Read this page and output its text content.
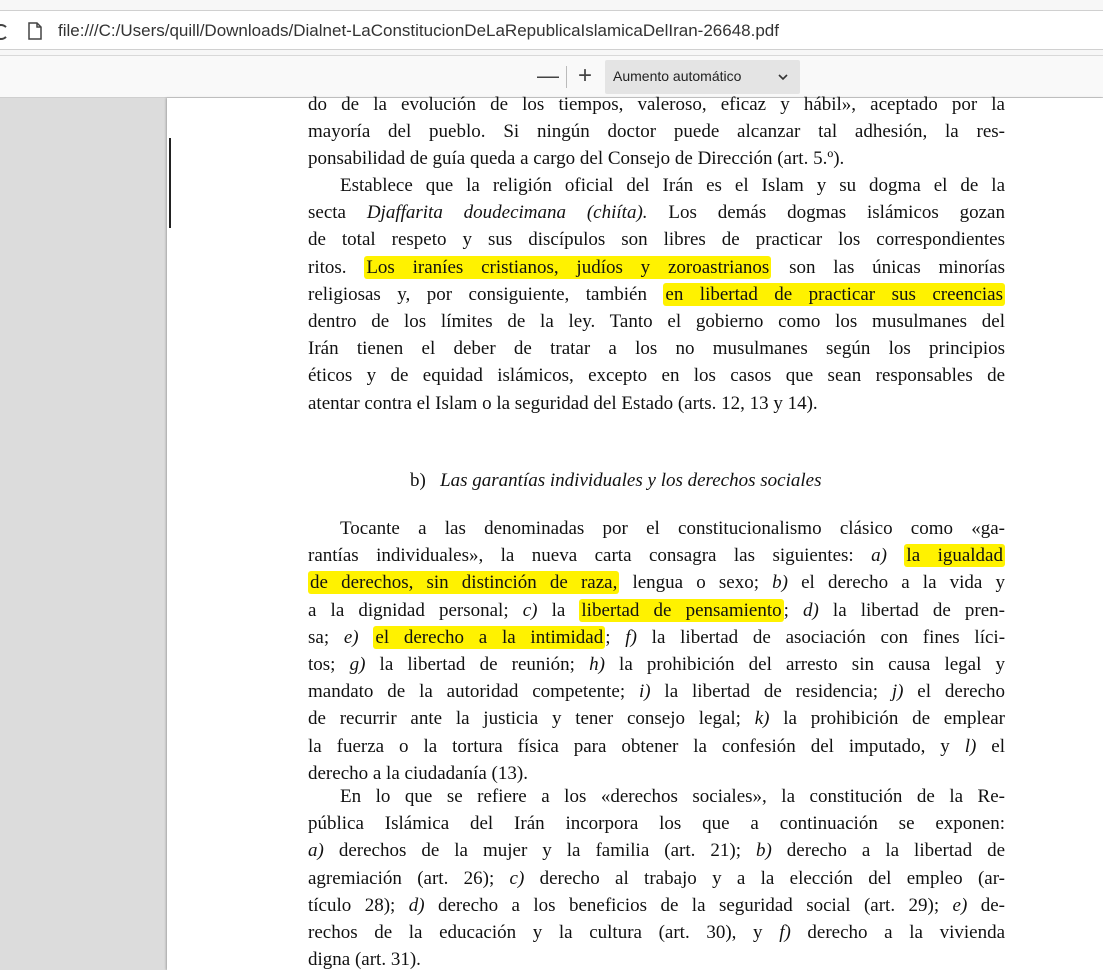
file:///C:/Users/quill/Downloads/Dialnet-LaConstitucionDeLaRepublicaIslamicaDelIran-26648.pdf
— +	Aumento automático
do de la evolución de los tiempos, valeroso, eficaz y hábil», aceptado por la
mayoría del pueblo. Si ningún doctor puede alcanzar tal adhesión, la res-
ponsabilidad de guía queda a cargo del Consejo de Dirección (art. 5.º).
Establece que la religión oficial del Irán es el Islam y su dogma el de la
secta Djaffarita doudecimana (chiíta). Los demás dogmas islámicos gozan
de total respeto y sus discípulos son libres de practicar los correspondientes
ritos. Los iraníes cristianos, judíos y zoroastrianos son las únicas minorías
religiosas y, por consiguiente, también en libertad de practicar sus creencias
dentro de los límites de la ley. Tanto el gobierno como los musulmanes del
Irán tienen el deber de tratar a los no musulmanes según los principios
éticos y de equidad islámicos, excepto en los casos que sean responsables de
atentar contra el Islam o la seguridad del Estado (arts. 12, 13 y 14).
b) Las garantías individuales y los derechos sociales
Tocante a las denominadas por el constitucionalismo clásico como «ga-
rantías individuales», la nueva carta consagra las siguientes: a) la igualdad
de derechos, sin distinción de raza, lengua o sexo; b) el derecho a la vida y
a la dignidad personal; c) la libertad de pensamiento ; d) la libertad de pren-
sa; e) el derecho a la intimidad ; f) la libertad de asociación con fines líci-
tos; g) la libertad de reunión; h) la prohibición del arresto sin causa legal y
mandato de la autoridad competente; i) la libertad de residencia; j) el derecho
de recurrir ante la justicia y tener consejo legal; k) la prohibición de emplear
la fuerza o la tortura física para obtener la confesión del imputado, y l) el
derecho a la ciudadanía (13).
En lo que se refiere a los «derechos sociales», la constitución de la Re-
pública Islámica del Irán incorpora los que a continuación se exponen:
a) derechos de la mujer y la familia (art. 21); b) derecho a la libertad de
agremiación (art. 26); c) derecho al trabajo y a la elección del empleo (ar-
tículo 28); d) derecho a los beneficios de la seguridad social (art. 29); e) de-
rechos de la educación y la cultura (art. 30), y f) derecho a la vivienda
digna (art. 31).
